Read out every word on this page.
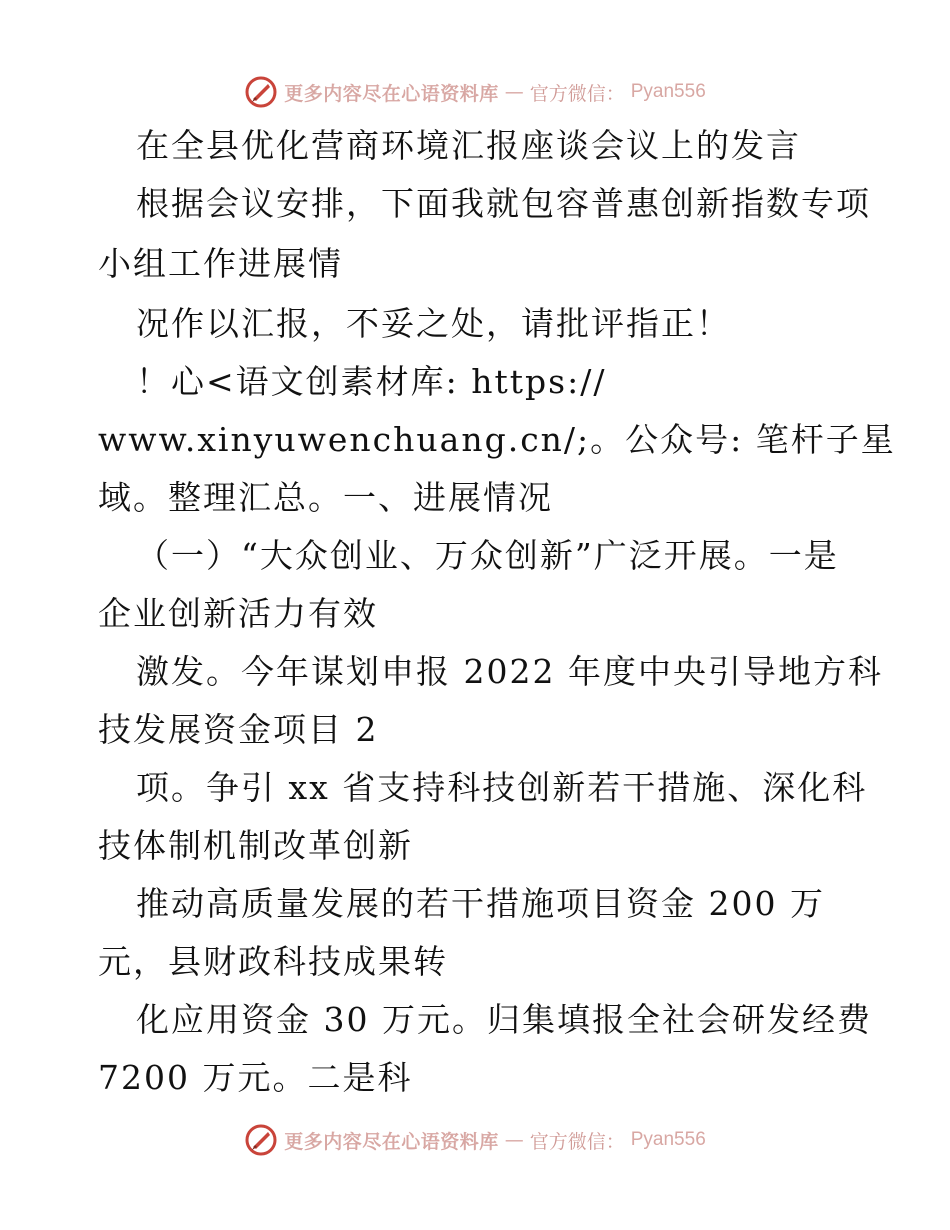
更多内容尽在心语资料库 — 官方微信： Pyan556
在全县优化营商环境汇报座谈会议上的发言
根据会议安排，下面我就包容普惠创新指数专项
小组工作进展情
况作以汇报，不妥之处，请批评指正！
！心<语文创素材库: https://
www.xinyuwenchuang.cn/;。公众号: 笔杆子星
域。整理汇总。一、进展情况
（一）“大众创业、万众创新”广泛开展。一是
企业创新活力有效
激发。今年谋划申报 2022 年度中央引导地方科
技发展资金项目 2
项。争引 xx 省支持科技创新若干措施、深化科
技体制机制改革创新
推动高质量发展的若干措施项目资金 200 万
元，县财政科技成果转
化应用资金 30 万元。归集填报全社会研发经费
7200 万元。二是科
更多内容尽在心语资料库 — 官方微信： Pyan556
